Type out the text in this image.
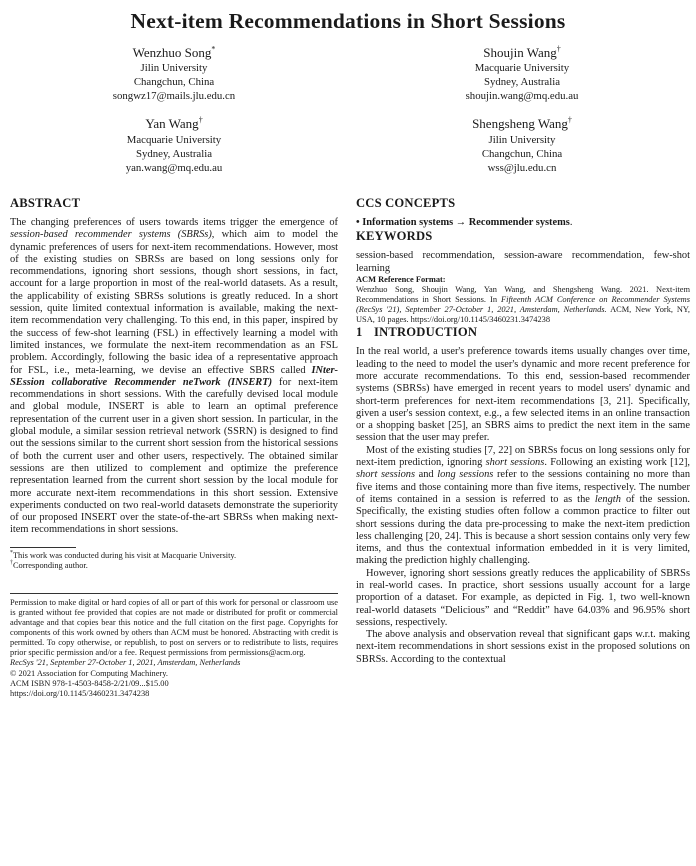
Next-item Recommendations in Short Sessions
Wenzhuo Song*
Jilin University
Changchun, China
songwz17@mails.jlu.edu.cn
Shoujin Wang†
Macquarie University
Sydney, Australia
shoujin.wang@mq.edu.au
Yan Wang†
Macquarie University
Sydney, Australia
yan.wang@mq.edu.au
Shengsheng Wang†
Jilin University
Changchun, China
wss@jlu.edu.cn
ABSTRACT

The changing preferences of users towards items trigger the emergence of session-based recommender systems (SBRSs), which aim to model the dynamic preferences of users for next-item recommendations. However, most of the existing studies on SBRSs are based on long sessions only for recommendations, ignoring short sessions, though short sessions, in fact, account for a large proportion in most of the real-world datasets. As a result, the applicability of existing SBRSs solutions is greatly reduced. In a short session, quite limited contextual information is available, making the next-item recommendation very challenging. To this end, in this paper, inspired by the success of few-shot learning (FSL) in effectively learning a model with limited instances, we formulate the next-item recommendation as an FSL problem. Accordingly, following the basic idea of a representative approach for FSL, i.e., meta-learning, we devise an effective SBRS called INter-SEssion collaborative Recommender neTwork (INSERT) for next-item recommendations in short sessions. With the carefully devised local module and global module, INSERT is able to learn an optimal preference representation of the current user in a given short session. In particular, in the global module, a similar session retrieval network (SSRN) is designed to find out the sessions similar to the current short session from the historical sessions of both the current user and other users, respectively. The obtained similar sessions are then utilized to complement and optimize the preference representation learned from the current short session by the local module for more accurate next-item recommendations in this short session. Extensive experiments conducted on two real-world datasets demonstrate the superiority of our proposed INSERT over the state-of-the-art SBRSs when making next-item recommendations in short sessions.

*This work was conducted during his visit at Macquarie University.

†Corresponding author.

Permission to make digital or hard copies of all or part of this work for personal or classroom use is granted without fee provided that copies are not made or distributed for profit or commercial advantage and that copies bear this notice and the full citation on the first page. Copyrights for components of this work owned by others than ACM must be honored. Abstracting with credit is permitted. To copy otherwise, or republish, to post on servers or to redistribute to lists, requires prior specific permission and/or a fee. Request permissions from permissions@acm.org.

RecSys '21, September 27-October 1, 2021, Amsterdam, Netherlands

© 2021 Association for Computing Machinery.

ACM ISBN 978-1-4503-8458-2/21/09...$15.00

https://doi.org/10.1145/3460231.3474238

CCS CONCEPTS

• Information systems → Recommender systems.

KEYWORDS

session-based recommendation, session-aware recommendation, few-shot learning

ACM Reference Format:

Wenzhuo Song, Shoujin Wang, Yan Wang, and Shengsheng Wang. 2021. Next-item Recommendations in Short Sessions. In Fifteenth ACM Conference on Recommender Systems (RecSys '21), September 27-October 1, 2021, Amsterdam, Netherlands. ACM, New York, NY, USA, 10 pages. https://doi.org/10.1145/3460231.3474238

1 INTRODUCTION

In the real world, a user's preference towards items usually changes over time, leading to the need to model the user's dynamic and more recent preference for more accurate recommendations. To this end, session-based recommender systems (SBRSs) have emerged in recent years to model users' dynamic and short-term preferences for next-item recommendations [3, 21]. Specifically, given a user's session context, e.g., a few selected items in an online transaction or a shopping basket [25], an SBRS aims to predict the next item in the same session that the user may prefer.

Most of the existing studies [7, 22] on SBRSs focus on long sessions only for next-item prediction, ignoring short sessions. Following an existing work [12], short sessions and long sessions refer to the sessions containing no more than five items and those containing more than five items, respectively. The number of items contained in a session is referred to as the length of the session. Specifically, the existing studies often follow a common practice to filter out short sessions during the data pre-processing to make the next-item prediction less challenging [20, 24]. This is because a short session contains only very few items, and thus the contextual information embedded in it is very limited, making the prediction highly challenging.

However, ignoring short sessions greatly reduces the applicability of SBRSs in real-world cases. In practice, short sessions usually account for a large proportion of a dataset. For example, as depicted in Fig. 1, two well-known real-world datasets “Delicious” and “Reddit” have 64.03% and 96.95% short sessions, respectively.

The above analysis and observation reveal that significant gaps w.r.t. making next-item recommendations in short sessions exist in the proposed solutions on SBRSs. According to the contextual
